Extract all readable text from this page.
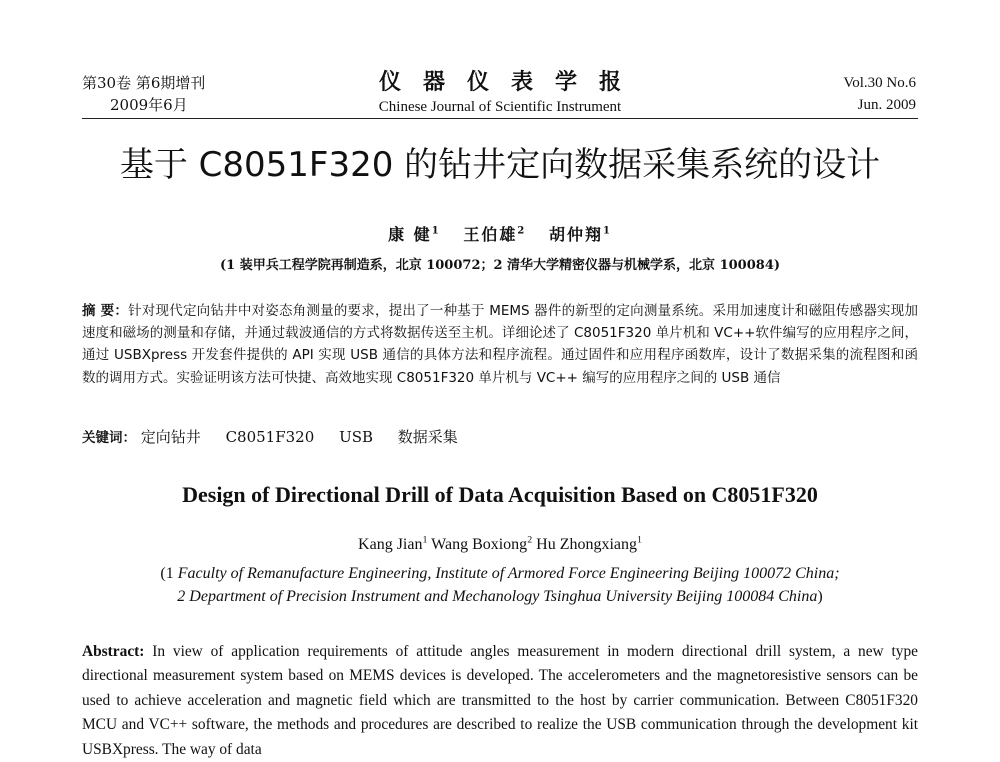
第30卷 第6期增刊
2009年6月
仪器仪表学报
Chinese Journal of Scientific Instrument
Vol.30 No.6
Jun. 2009
基于 C8051F320 的钻井定向数据采集系统的设计
康 健$^1$ 王伯雄$^2$ 胡仲翔$^1$
(1 装甲兵工程学院再制造系，北京 100072；2 清华大学精密仪器与机械学系，北京 100084)
摘 要：针对现代定向钻井中对姿态角测量的要求，提出了一种基于 MEMS 器件的新型的定向测量系统。采用加速度计和磁阻传感器实现加速度和磁场的测量和存储，并通过载波通信的方式将数据传送至主机。详细论述了 C8051F320 单片机和 VC++软件编写的应用程序之间，通过 USBXpress 开发套件提供的 API 实现 USB 通信的具体方法和程序流程。通过固件和应用程序函数库，设计了数据采集的流程图和函数的调用方式。实验证明该方法可快捷、高效地实现 C8051F320 单片机与 VC++ 编写的应用程序之间的 USB 通信
关键词： 定向钻井 C8051F320 USB 数据采集
Design of Directional Drill of Data Acquisition Based on C8051F320
Kang Jian$^1$ Wang Boxiong$^2$ Hu Zhongxiang$^1$
(1 Faculty of Remanufacture Engineering, Institute of Armored Force Engineering Beijing 100072 China;
2 Department of Precision Instrument and Mechanology Tsinghua University Beijing 100084 China)
Abstract: In view of application requirements of attitude angles measurement in modern directional drill system, a new type directional measurement system based on MEMS devices is developed. The accelerometers and the magnetoresistive sensors can be used to achieve acceleration and magnetic field which are transmitted to the host by carrier communication. Between C8051F320 MCU and VC++ software, the methods and procedures are described to realize the USB communication through the development kit USBXpress. The way of data
